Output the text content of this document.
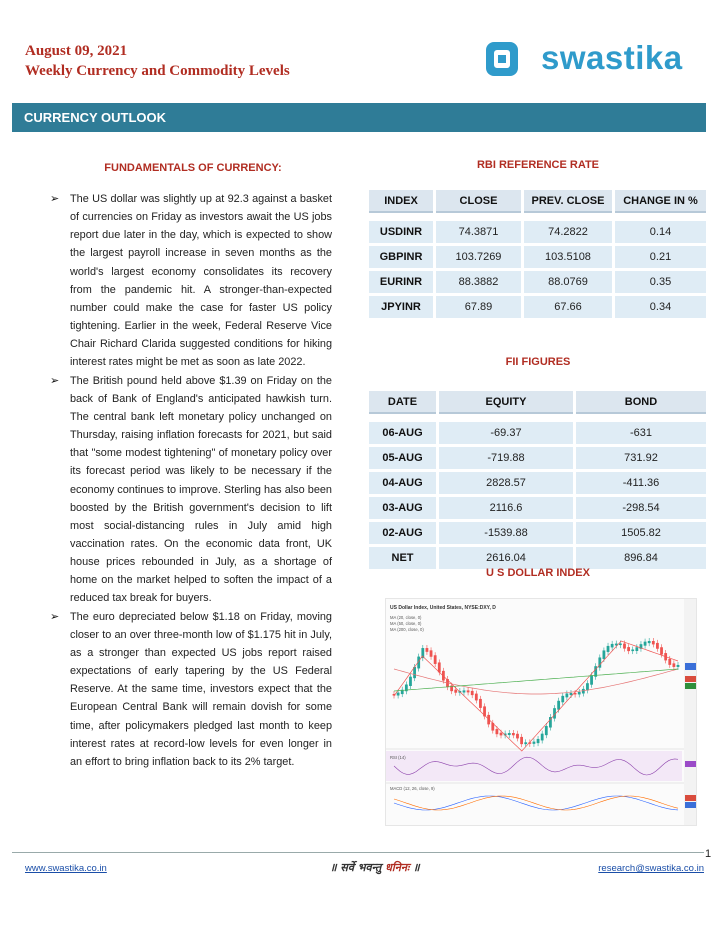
August 09, 2021
Weekly Currency and Commodity Levels	swastika
CURRENCY OUTLOOK
FUNDAMENTALS OF CURRENCY:
➢ The US dollar was slightly up at 92.3 against a basket of currencies on Friday as investors await the US jobs report due later in the day, which is expected to show the largest payroll increase in seven months as the world's largest economy consolidates its recovery from the pandemic hit. A stronger-than-expected number could make the case for faster US policy tightening. Earlier in the week, Federal Reserve Vice Chair Richard Clarida suggested conditions for hiking interest rates might be met as soon as late 2022.
➢ The British pound held above $1.39 on Friday on the back of Bank of England's anticipated hawkish turn. The central bank left monetary policy unchanged on Thursday, raising inflation forecasts for 2021, but said that "some modest tightening" of monetary policy over its forecast period was likely to be necessary if the economy continues to improve. Sterling has also been boosted by the British government's decision to lift most social-distancing rules in July amid high vaccination rates. On the economic data front, UK house prices rebounded in July, as a shortage of home on the market helped to soften the impact of a reduced tax break for buyers.
➢ The euro depreciated below $1.18 on Friday, moving closer to an over three-month low of $1.175 hit in July, as a stronger than expected US jobs report raised expectations of early tapering by the US Federal Reserve. At the same time, investors expect that the European Central Bank will remain dovish for some time, after policymakers pledged last month to keep interest rates at record-low levels for even longer in an effort to bring inflation back to its 2% target.
RBI REFERENCE RATE
INDEX	CLOSE	PREV. CLOSE	CHANGE IN %

USDINR	74.3871	74.2822	0.14
GBPINR	103.7269	103.5108	0.21
EURINR	88.3882	88.0769	0.35
JPYINR	67.89	67.66	0.34
FII FIGURES
DATE	EQUITY	BOND

06-AUG	-69.37	-631
05-AUG	-719.88	731.92
04-AUG	2828.57	-411.36
03-AUG	2116.6	-298.54
02-AUG	-1539.88	1505.82
NET	2616.04	896.84
U S DOLLAR INDEX
US Dollar Index, United States, NYSE:DXY, D
MA (20, close, 0)
MA (50, close, 0)
MA (200, close, 0)
RSI (14)
MACD (12, 26, close, 9)
1
www.swastika.co.in	॥ सर्वे भवन्तु धनिनः ॥	research@swastika.co.in
